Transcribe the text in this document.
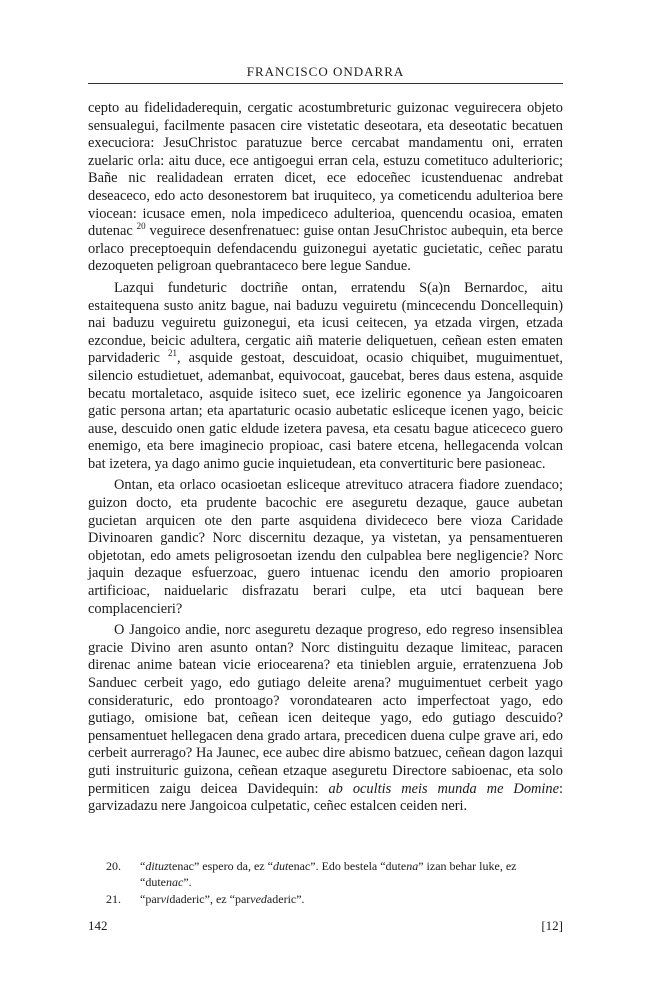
FRANCISCO ONDARRA

cepto au fidelidaderequin, cergatic acostumbreturic guizonac veguirecera objeto sensualegui, facilmente pasacen cire vistetatic deseotara, eta deseotatic becatuen execuciora: JesuChristoc paratuzue berce cercabat mandamentu oni, erraten zuelaric orla: aitu duce, ece antigoegui erran cela, estuzu cometituco adulterioric; Bañe nic realidadean erraten dicet, ece edoceñec icustenduenac andrebat deseaceco, edo acto desonestorem bat iruquiteco, ya cometicendu adulterioa bere viocean: icusace emen, nola impediceco adulterioa, quencendu ocasioa, ematen dutenac $^{20}$ veguirece desenfrenatuec: guise ontan JesuChristoc aubequin, eta berce orlaco preceptoequin defendacendu guizonegui ayetatic gucietatic, ceñec paratu dezoqueten peligroan quebrantaceco bere legue Sandue.

Lazqui fundeturic doctriñe ontan, erratendu S(a)n Bernardoc, aitu estaitequena susto anitz bague, nai baduzu veguiretu (mincecendu Doncellequin) nai baduzu veguiretu guizonegui, eta icusi ceitecen, ya etzada virgen, etzada ezcondue, beicic adultera, cergatic aiñ materie deliquetuen, ceñean esten ematen parvidaderic $^{21}$, asquide gestoat, descuidoat, ocasio chiquibet, muguimentuet, silencio estudietuet, ademanbat, equivocoat, gaucebat, beres daus estena, asquide becatu mortaletaco, asquide isiteco suet, ece izeliric egonence ya Jangoicoaren gatic persona artan; eta apartaturic ocasio aubetatic esliceque icenen yago, beicic ause, descuido onen gatic eldude izetera pavesa, eta cesatu bague aticececo guero enemigo, eta bere imaginecio propioac, casi batere etcena, hellegacenda volcan bat izetera, ya dago animo gucie inquietudean, eta convertituric bere pasioneac.

Ontan, eta orlaco ocasioetan esliceque atrevituco atracera fiadore zuendaco; guizon docto, eta prudente bacochic ere aseguretu dezaque, gauce aubetan gucietan arquicen ote den parte asquidena dividececo bere vioza Caridade Divinoaren gandic? Norc discernitu dezaque, ya vistetan, ya pensamentueren objetotan, edo amets peligrosoetan izendu den culpablea bere negligencie? Norc jaquin dezaque esfuerzoac, guero intuenac icendu den amorio propioaren artificioac, naiduelaric disfrazatu berari culpe, eta utci baquean bere complacencieri?

O Jangoico andie, norc aseguretu dezaque progreso, edo regreso insensiblea gracie Divino aren asunto ontan? Norc distinguitu dezaque limiteac, paracen direnac anime batean vicie eriocearena? eta tinieblen arguie, erratenzuena Job Sanduec cerbeit yago, edo gutiago deleite arena? muguimentuet cerbeit yago consideraturic, edo prontoago? vorondatearen acto imperfectoat yago, edo gutiago, omisione bat, ceñean icen deiteque yago, edo gutiago descuido? pensamentuet hellegacen dena grado artara, precedicen duena culpe grave ari, edo cerbeit aurrerago? Ha Jaunec, ece aubec dire abismo batzuec, ceñean dagon lazqui guti instruituric guizona, ceñean etzaque aseguretu Directore sabioenac, eta solo permiticen zaigu deicea Davidequin: ab ocultis meis munda me Domine: garvizadazu nere Jangoicoa culpetatic, ceñec estalcen ceiden neri.

20.	“dituztenac” espero da, ez “dutenac”. Edo bestela “dutena” izan behar luke, ez “dutenac”.
21.	“parvidaderic”, ez “parvedaderic”.
142	[12]
